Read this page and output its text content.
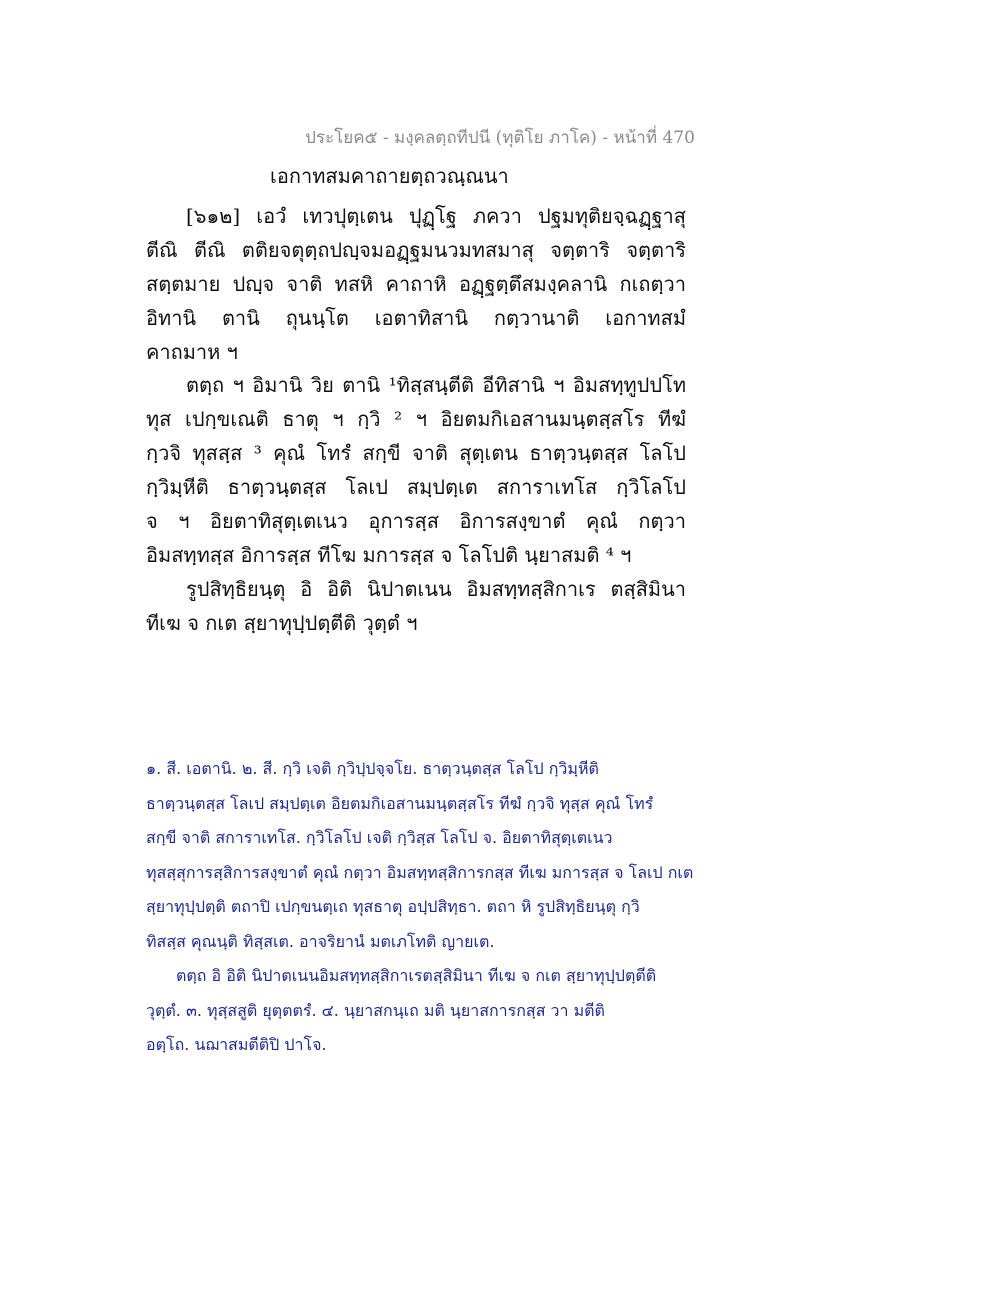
ประโยค๕ - มงฺคลตฺถทีปนี (ทุติโย ภาโค) - หน้าที่ 470
เอกาทสมคาถายตฺถวณฺณนา
[๖๑๒] เอวํ เทวปุตฺเตน ปุฏฺโฐ ภควา ปฐมทุติยจฺฉฏฺฐาสุ
ตีณิ ตีณิ ตติยจตุตฺถปญฺจมอฏฺฐมนวมทสมาสุ จตฺตาริ จตฺตาริ
สตฺตมาย ปญฺจ จาติ ทสหิ คาถาหิ อฏฺฐตฺตึสมงฺคลานิ กเถตฺวา
อิทานิ ตานิ ถุนนฺโต เอตาทิสานิ กตฺวานาติ เอกาทสมํ
คาถมาห ฯ
ตตฺถ ฯ อิมานิ วิย ตานิ ¹ทิสฺสนฺตีติ อีทิสานิ ฯ อิมสทฺทูปปโท
ทุส เปกฺขเณติ ธาตุ ฯ กฺวิ ² ฯ อิยตมกิเอสานมนฺตสฺสโร ทีฆํ
กฺวจิ ทุสสฺส ³ คุณํ โทรํ สกฺขี จาติ สุตฺเตน ธาตฺวนฺตสฺส โลโป
กฺวิมฺหีติ ธาตฺวนฺตสฺส โลเป สมฺปตฺเต สการาเทโส กฺวิโลโป
จ ฯ อิยตาทิสุตฺเตเนว อุการสฺส อิการสงฺขาตํ คุณํ กตฺวา
อิมสทฺทสฺส อิการสฺส ทีโฆ มการสฺส จ โลโปติ นฺยาสมติ ⁴ ฯ
รูปสิทฺธิยนฺตุ อิ อิติ นิปาตเนน อิมสทฺทสฺสิกาเร ตสฺสิมินา
ทีเฆ จ กเต สฺยาทุปฺปตฺตีติ วุตฺตํ ฯ
๑. สี. เอตานิ. ๒. สี. กฺวิ เจติ กฺวิปฺปจฺจโย. ธาตฺวนฺตสฺส โลโป กฺวิมฺหีติ
ธาตฺวนฺตสฺส โลเป สมฺปตฺเต อิยตมกิเอสานมนฺตสฺสโร ทีฆํ กฺวจิ ทุสฺส คุณํ โทรํ
สกฺขี จาติ สการาเทโส. กฺวิโลโป เจติ กฺวิสฺส โลโป จ. อิยตาทิสุตฺเตเนว
ทุสสฺสุการสฺสิการสงฺขาตํ คุณํ กตฺวา อิมสทฺทสฺสิการกสฺส ทีเฆ มการสฺส จ โลเป กเต
สฺยาทุปฺปตฺติ ตถาปิ เปกฺขนตฺเถ ทุสธาตุ อปฺปสิทฺธา. ตถา หิ รูปสิทฺธิยนฺตุ กฺวิ
ทิสสฺส คุณนฺติ ทิสฺสเต. อาจริยานํ มตเภโทติ ญายเต.
ตตฺถ อิ อิติ นิปาตเนนอิมสทฺทสฺสิกาเรตสฺสิมินา ทีเฆ จ กเต สฺยาทุปฺปตฺตีติ
วุตฺตํ. ๓. ทุสฺสสูติ ยุตฺตตรํ. ๔. นฺยาสกนฺเถ มติ นฺยาสการกสฺส วา มตีติ
อตฺโถ. นฌาสมตีติปิ ปาโจ.
